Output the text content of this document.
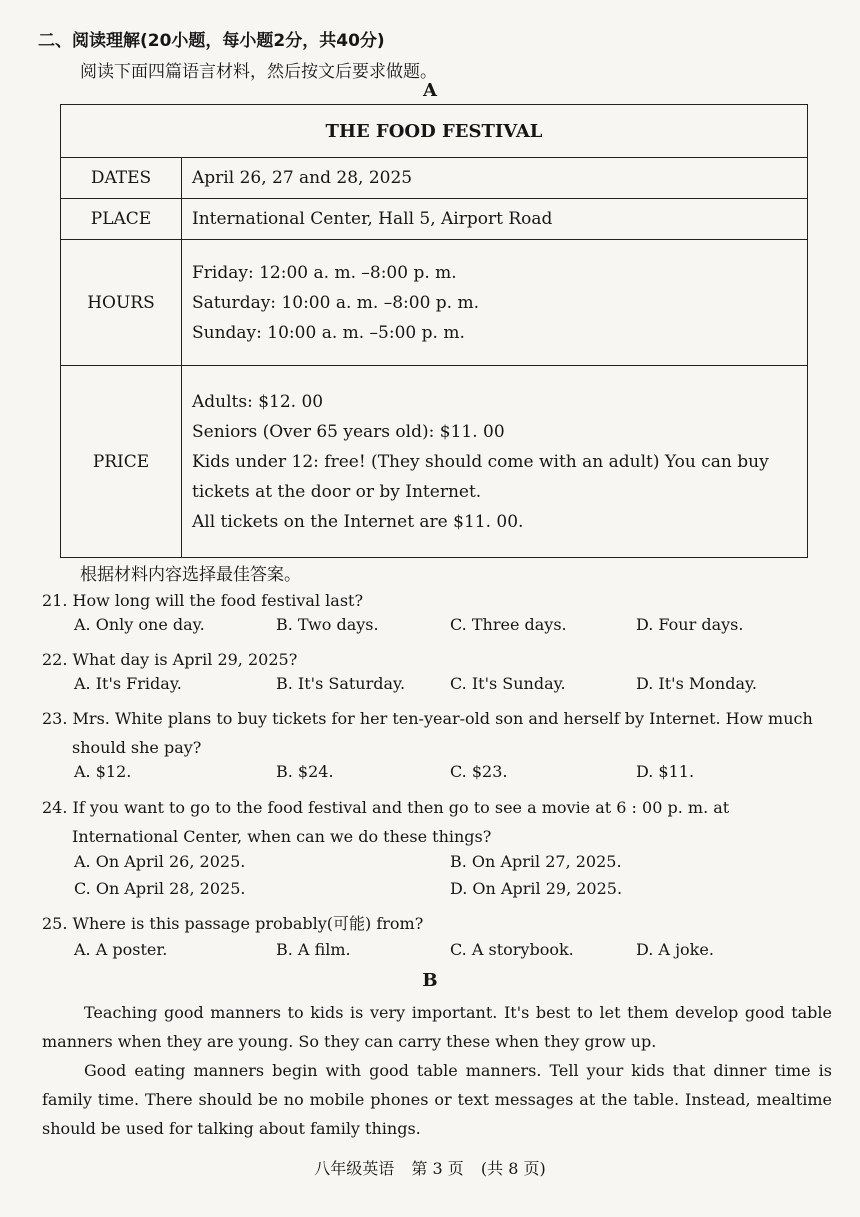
二、阅读理解(20小题，每小题2分，共40分)
阅读下面四篇语言材料，然后按文后要求做题。
A
THE FOOD FESTIVAL	
DATES	April 26, 27 and 28, 2025

PLACE	International Center, Hall 5, Airport Road

HOURS	Friday: 12:00 a. m. –8:00 p. m.
Saturday: 10:00 a. m. –8:00 p. m.
Sunday: 10:00 a. m. –5:00 p. m.

PRICE	Adults: $12. 00
Seniors (Over 65 years old): $11. 00
Kids under 12: free! (They should come with an adult) You can buy
tickets at the door or by Internet.
All tickets on the Internet are $11. 00.
根据材料内容选择最佳答案。
21. How long will the food festival last?
A. Only one day.	B. Two days.	C. Three days.	D. Four days.
22. What day is April 29, 2025?
A. It's Friday.	B. It's Saturday.	C. It's Sunday.	D. It's Monday.
23. Mrs. White plans to buy tickets for her ten-year-old son and herself by Internet. How much
should she pay?
A. $12.	B. $24.	C. $23.	D. $11.
24. If you want to go to the food festival and then go to see a movie at 6 : 00 p. m. at
International Center, when can we do these things?
A. On April 26, 2025.	B. On April 27, 2025.
C. On April 28, 2025.	D. On April 29, 2025.
25. Where is this passage probably(可能) from?
A. A poster.	B. A film.	C. A storybook.	D. A joke.
B
Teaching good manners to kids is very important. It's best to let them develop good table manners when they are young. So they can carry these when they grow up.
Good eating manners begin with good table manners. Tell your kids that dinner time is family time. There should be no mobile phones or text messages at the table. Instead, mealtime should be used for talking about family things.
八年级英语 第 3 页 (共 8 页)
